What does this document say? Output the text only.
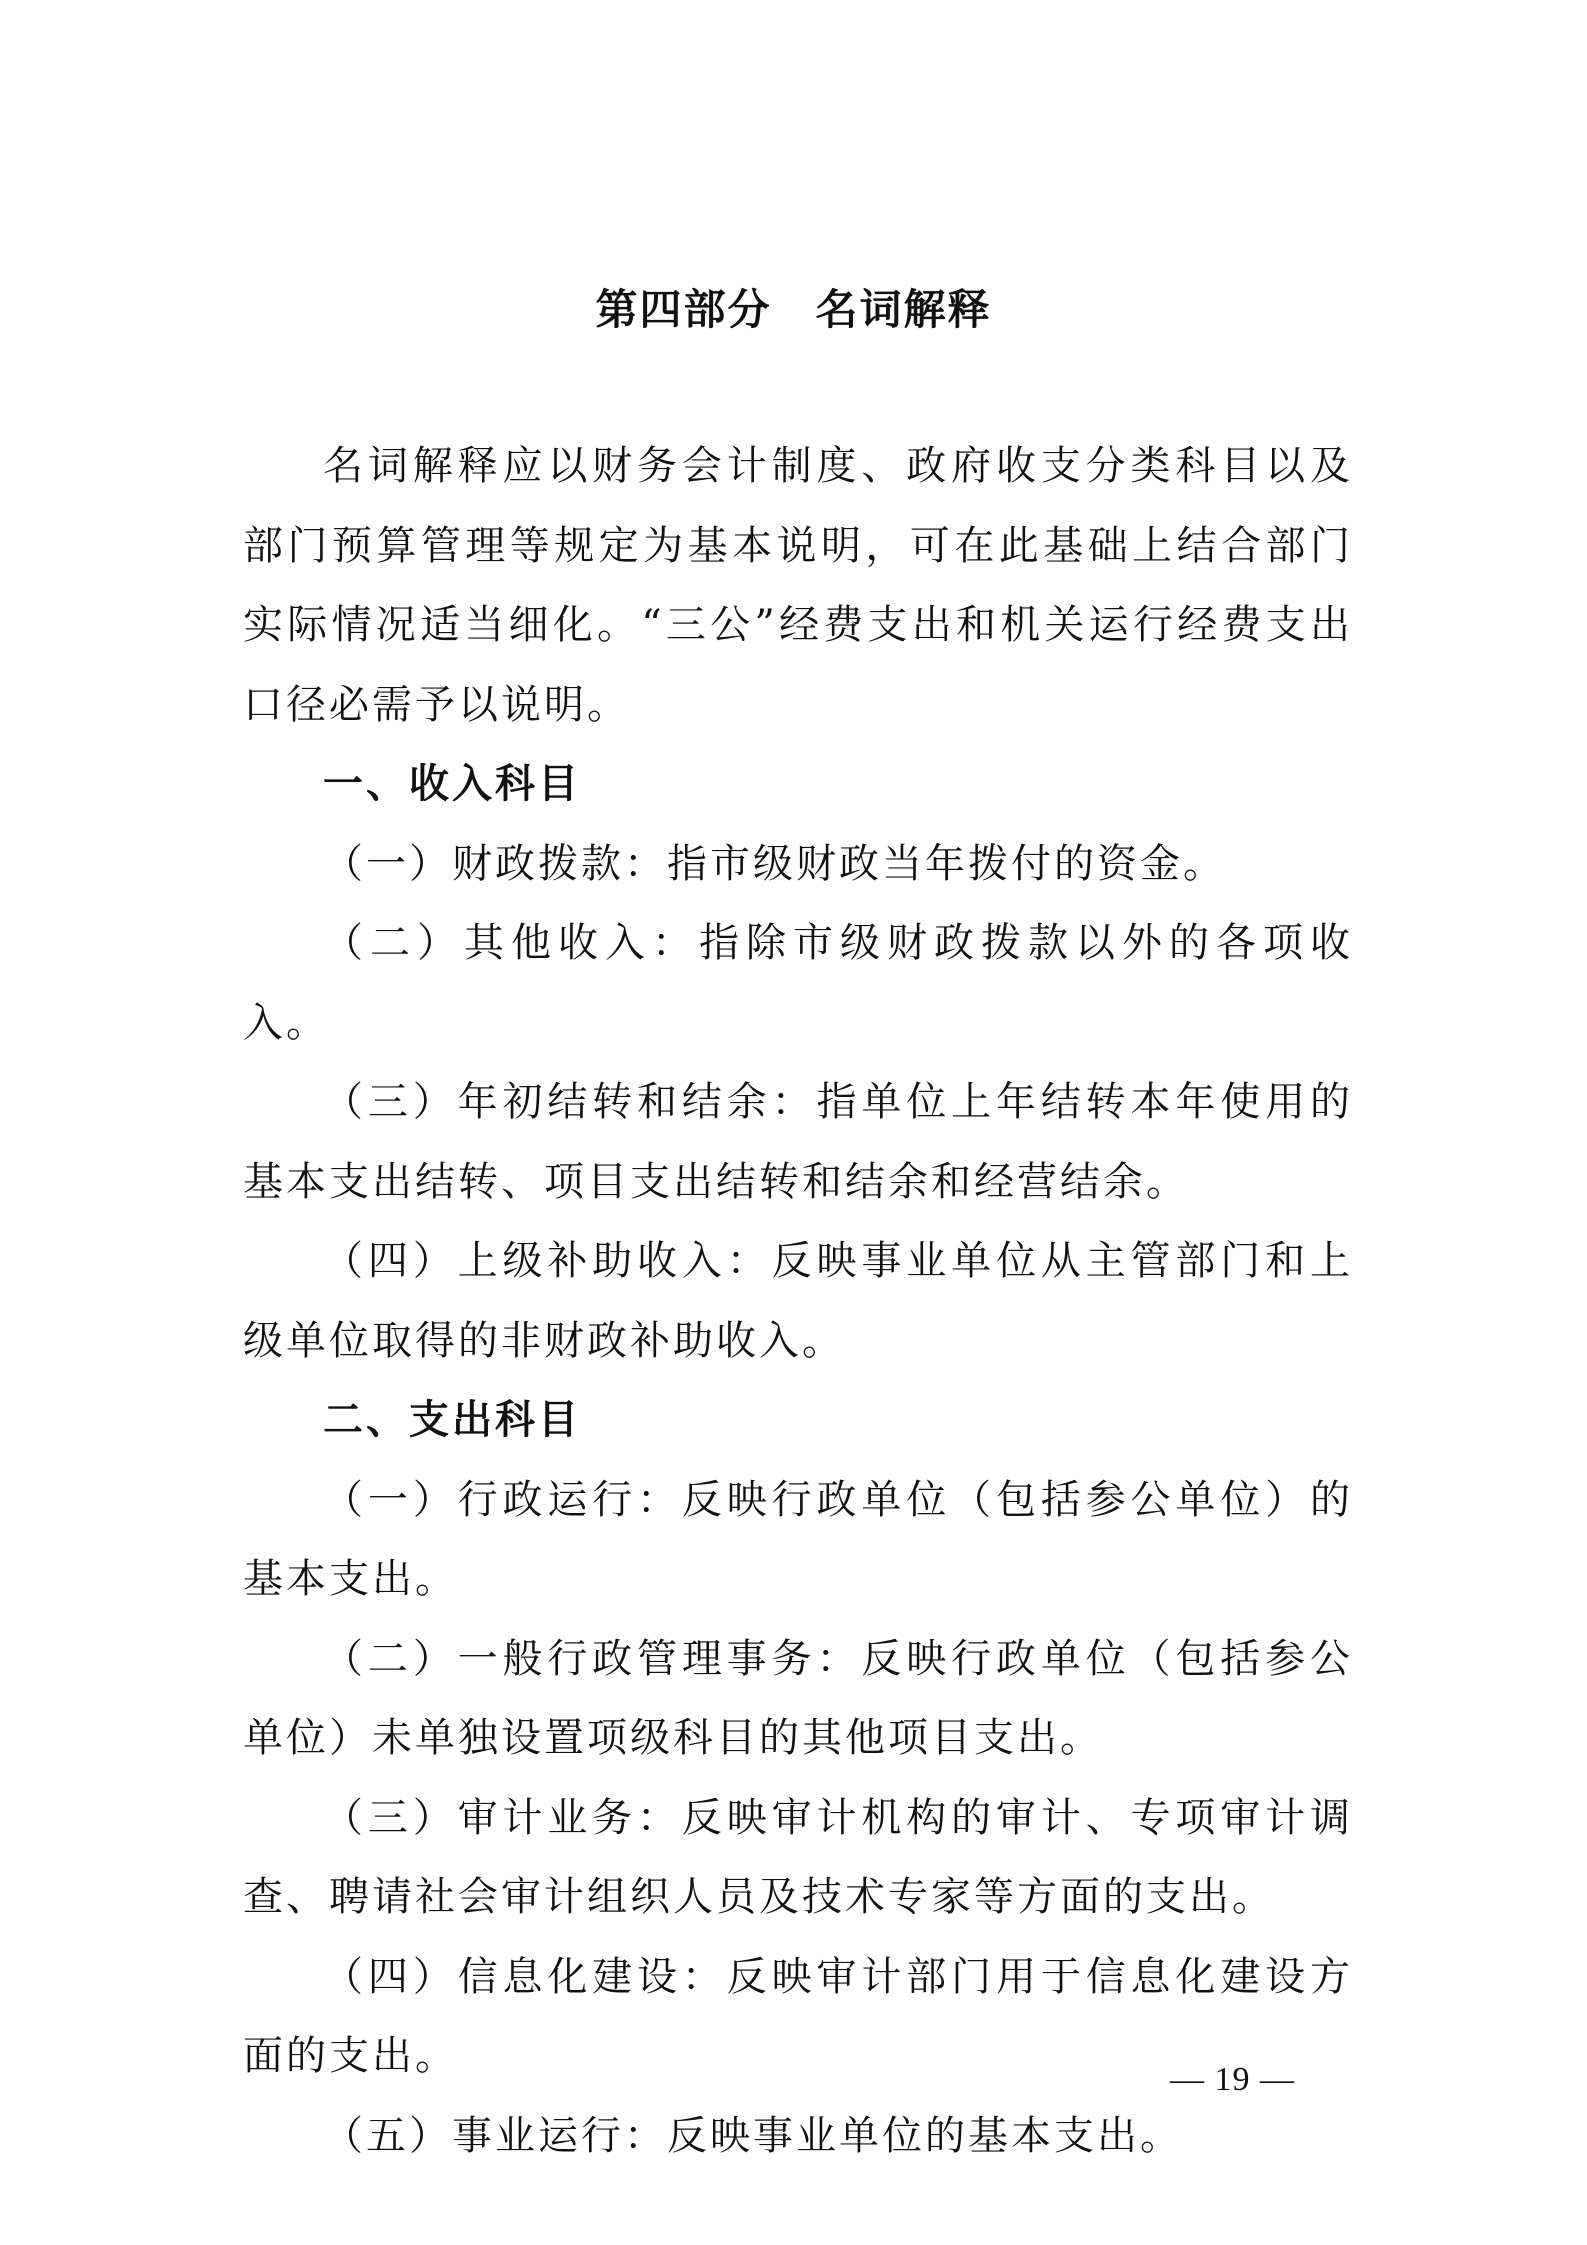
第四部分　名词解释

名词解释应以财务会计制度、政府收支分类科目以及部门预算管理等规定为基本说明，可在此基础上结合部门实际情况适当细化。“三公”经费支出和机关运行经费支出口径必需予以说明。

一、收入科目

（一）财政拨款：指市级财政当年拨付的资金。

（二）其他收入：指除市级财政拨款以外的各项收入。

（三）年初结转和结余：指单位上年结转本年使用的基本支出结转、项目支出结转和结余和经营结余。

（四）上级补助收入：反映事业单位从主管部门和上级单位取得的非财政补助收入。

二、支出科目

（一）行政运行：反映行政单位（包括参公单位）的基本支出。

（二）一般行政管理事务：反映行政单位（包括参公单位）未单独设置项级科目的其他项目支出。

（三）审计业务：反映审计机构的审计、专项审计调查、聘请社会审计组织人员及技术专家等方面的支出。

（四）信息化建设：反映审计部门用于信息化建设方面的支出。

（五）事业运行：反映事业单位的基本支出。

— 19 —
